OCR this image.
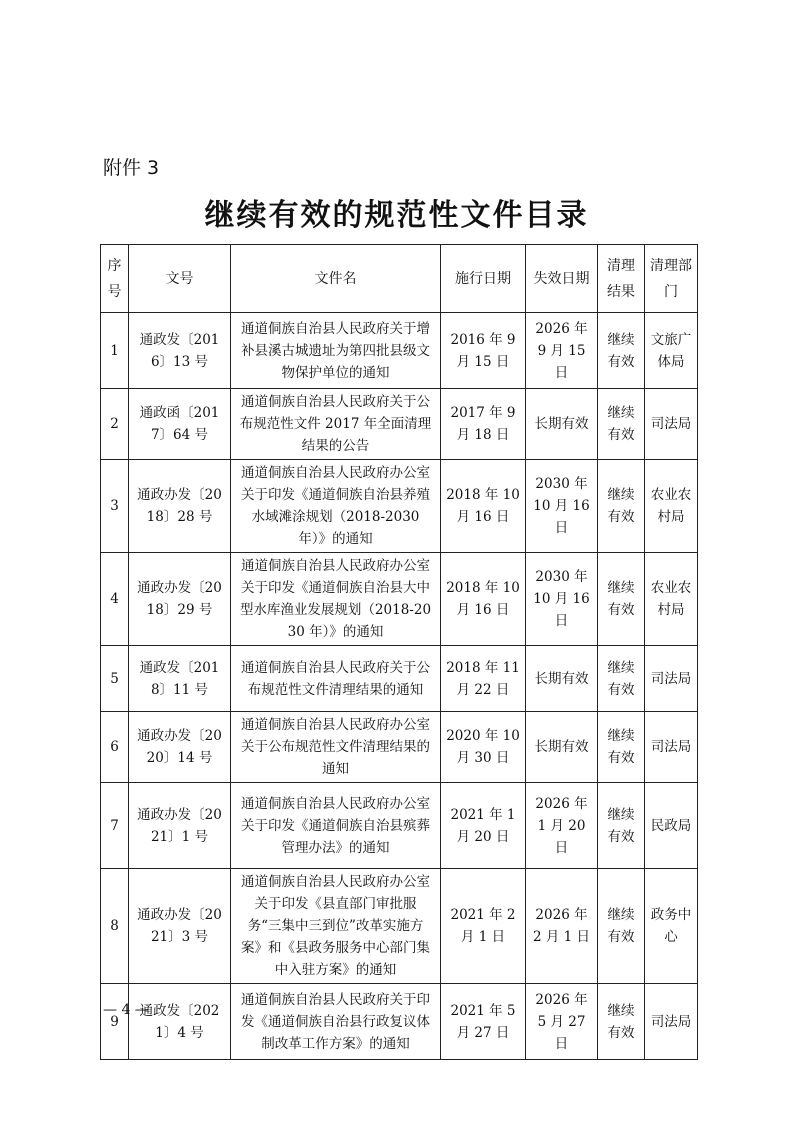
附件 3
继续有效的规范性文件目录
序号	文号	文件名	施行日期	失效日期	清理结果	清理部门
1	通政发〔2016〕13 号	通道侗族自治县人民政府关于增补县溪古城遗址为第四批县级文物保护单位的通知	2016 年 9 月 15 日	2026 年 9 月 15 日	继续有效	文旅广体局
2	通政函〔2017〕64 号	通道侗族自治县人民政府关于公布规范性文件 2017 年全面清理结果的公告	2017 年 9 月 18 日	长期有效	继续有效	司法局
3	通政办发〔2018〕28 号	通道侗族自治县人民政府办公室关于印发《通道侗族自治县养殖水域滩涂规划（2018-2030 年）》的通知	2018 年 10 月 16 日	2030 年 10 月 16 日	继续有效	农业农村局
4	通政办发〔2018〕29 号	通道侗族自治县人民政府办公室关于印发《通道侗族自治县大中型水库渔业发展规划（2018-2030 年）》的通知	2018 年 10 月 16 日	2030 年 10 月 16 日	继续有效	农业农村局
5	通政发〔2018〕11 号	通道侗族自治县人民政府关于公布规范性文件清理结果的通知	2018 年 11 月 22 日	长期有效	继续有效	司法局
6	通政办发〔2020〕14 号	通道侗族自治县人民政府办公室关于公布规范性文件清理结果的通知	2020 年 10 月 30 日	长期有效	继续有效	司法局
7	通政办发〔2021〕1 号	通道侗族自治县人民政府办公室关于印发《通道侗族自治县殡葬管理办法》的通知	2021 年 1 月 20 日	2026 年 1 月 20 日	继续有效	民政局
8	通政办发〔2021〕3 号	通道侗族自治县人民政府办公室关于印发《县直部门审批服务“三集中三到位”改革实施方案》和《县政务服务中心部门集中入驻方案》的通知	2021 年 2 月 1 日	2026 年 2 月 1 日	继续有效	政务中心
9	通政发〔2021〕4 号	通道侗族自治县人民政府关于印发《通道侗族自治县行政复议体制改革工作方案》的通知	2021 年 5 月 27 日	2026 年 5 月 27 日	继续有效	司法局
— 4 —
